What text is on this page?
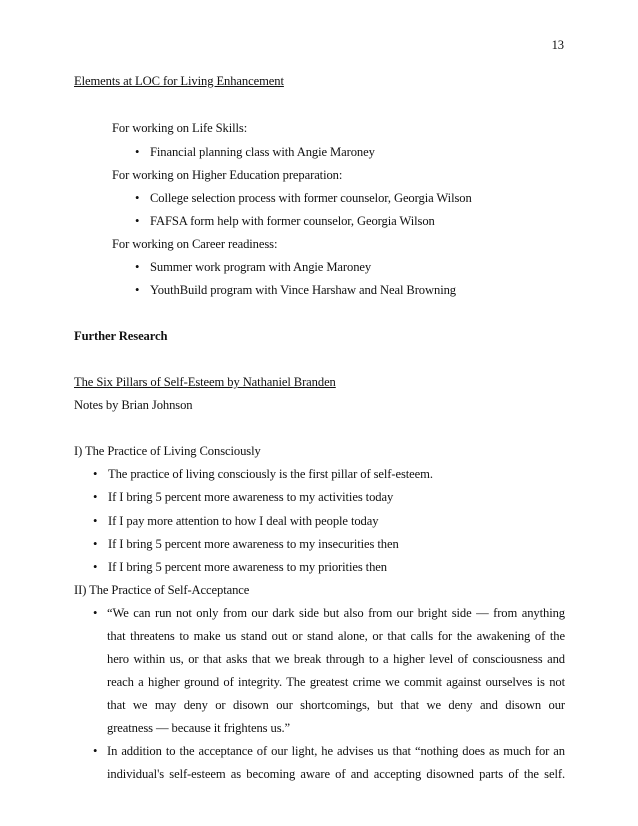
13
Elements at LOC for Living Enhancement
For working on Life Skills:
• Financial planning class with Angie Maroney
For working on Higher Education preparation:
• College selection process with former counselor, Georgia Wilson
• FAFSA form help with former counselor, Georgia Wilson
For working on Career readiness:
• Summer work program with Angie Maroney
• YouthBuild program with Vince Harshaw and Neal Browning
Further Research
The Six Pillars of Self-Esteem by Nathaniel Branden
Notes by Brian Johnson
I) The Practice of Living Consciously
• The practice of living consciously is the first pillar of self-esteem.
• If I bring 5 percent more awareness to my activities today
• If I pay more attention to how I deal with people today
• If I bring 5 percent more awareness to my insecurities then
• If I bring 5 percent more awareness to my priorities then
II) The Practice of Self-Acceptance
• “We can run not only from our dark side but also from our bright side — from anything
that threatens to make us stand out or stand alone, or that calls for the awakening of the
hero within us, or that asks that we break through to a higher level of consciousness and
reach a higher ground of integrity. The greatest crime we commit against ourselves is not
that we may deny or disown our shortcomings, but that we deny and disown our
greatness — because it frightens us.”
• In addition to the acceptance of our light, he advises us that “nothing does as much for an
individual's self-esteem as becoming aware of and accepting disowned parts of the self.
